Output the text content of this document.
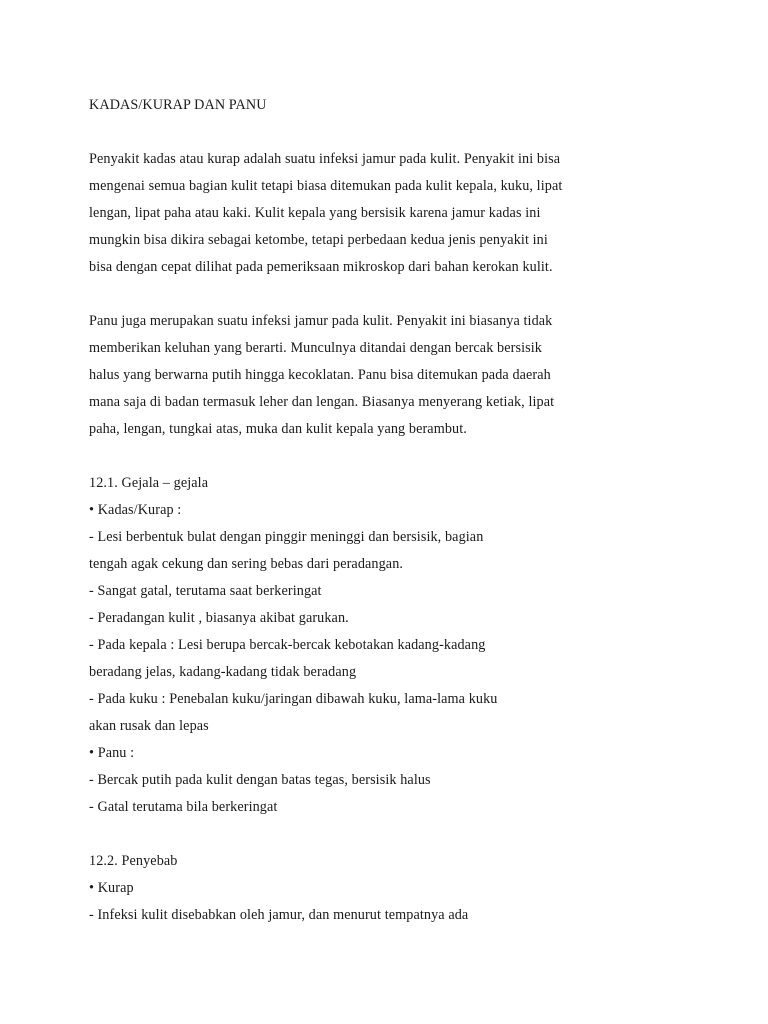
KADAS/KURAP DAN PANU
Penyakit kadas atau kurap adalah suatu infeksi jamur pada kulit. Penyakit ini bisa
mengenai semua bagian kulit tetapi biasa ditemukan pada kulit kepala, kuku, lipat
lengan, lipat paha atau kaki. Kulit kepala yang bersisik karena jamur kadas ini
mungkin bisa dikira sebagai ketombe, tetapi perbedaan kedua jenis penyakit ini
bisa dengan cepat dilihat pada pemeriksaan mikroskop dari bahan kerokan kulit.
Panu juga merupakan suatu infeksi jamur pada kulit. Penyakit ini biasanya tidak
memberikan keluhan yang berarti. Munculnya ditandai dengan bercak bersisik
halus yang berwarna putih hingga kecoklatan. Panu bisa ditemukan pada daerah
mana saja di badan termasuk leher dan lengan. Biasanya menyerang ketiak, lipat
paha, lengan, tungkai atas, muka dan kulit kepala yang berambut.
12.1. Gejala – gejala
• Kadas/Kurap :
- Lesi berbentuk bulat dengan pinggir meninggi dan bersisik, bagian
tengah agak cekung dan sering bebas dari peradangan.
- Sangat gatal, terutama saat berkeringat
- Peradangan kulit , biasanya akibat garukan.
- Pada kepala : Lesi berupa bercak-bercak kebotakan kadang-kadang
beradang jelas, kadang-kadang tidak beradang
- Pada kuku : Penebalan kuku/jaringan dibawah kuku, lama-lama kuku
akan rusak dan lepas
• Panu :
- Bercak putih pada kulit dengan batas tegas, bersisik halus
- Gatal terutama bila berkeringat
12.2. Penyebab
• Kurap
- Infeksi kulit disebabkan oleh jamur, dan menurut tempatnya ada
